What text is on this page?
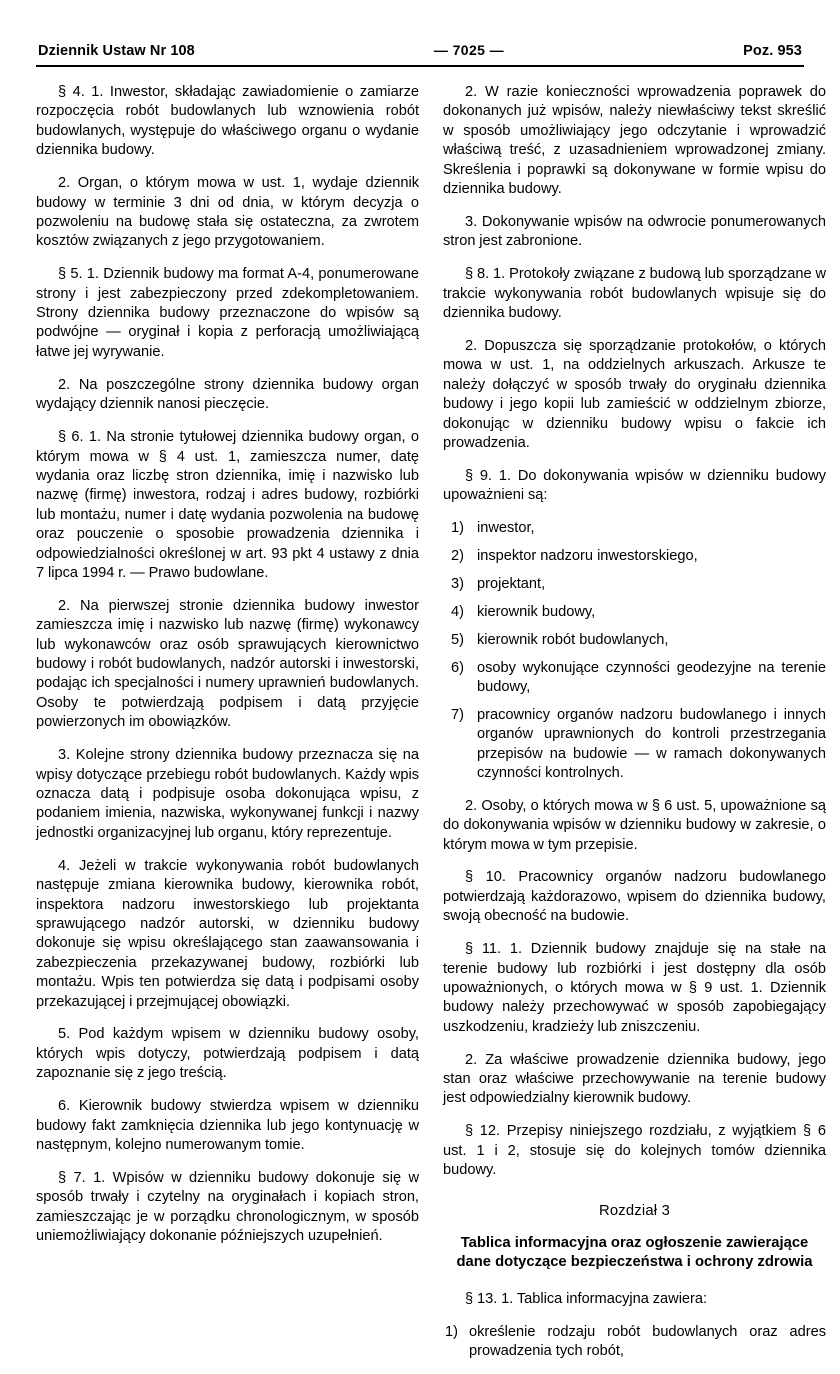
Dziennik Ustaw Nr 108	— 7025 —	Poz. 953

§ 4. 1. Inwestor, składając zawiadomienie o zamiarze rozpoczęcia robót budowlanych lub wznowienia robót budowlanych, występuje do właściwego organu o wydanie dziennika budowy.

2. Organ, o którym mowa w ust. 1, wydaje dziennik budowy w terminie 3 dni od dnia, w którym decyzja o pozwoleniu na budowę stała się ostateczna, za zwrotem kosztów związanych z jego przygotowaniem.

§ 5. 1. Dziennik budowy ma format A-4, ponumerowane strony i jest zabezpieczony przed zdekompletowaniem. Strony dziennika budowy przeznaczone do wpisów są podwójne — oryginał i kopia z perforacją umożliwiającą łatwe jej wyrywanie.

2. Na poszczególne strony dziennika budowy organ wydający dziennik nanosi pieczęcie.

§ 6. 1. Na stronie tytułowej dziennika budowy organ, o którym mowa w § 4 ust. 1, zamieszcza numer, datę wydania oraz liczbę stron dziennika, imię i nazwisko lub nazwę (firmę) inwestora, rodzaj i adres budowy, rozbiórki lub montażu, numer i datę wydania pozwolenia na budowę oraz pouczenie o sposobie prowadzenia dziennika i odpowiedzialności określonej w art. 93 pkt 4 ustawy z dnia 7 lipca 1994 r. — Prawo budowlane.

2. Na pierwszej stronie dziennika budowy inwestor zamieszcza imię i nazwisko lub nazwę (firmę) wykonawcy lub wykonawców oraz osób sprawujących kierownictwo budowy i robót budowlanych, nadzór autorski i inwestorski, podając ich specjalności i numery uprawnień budowlanych. Osoby te potwierdzają podpisem i datą przyjęcie powierzonych im obowiązków.

3. Kolejne strony dziennika budowy przeznacza się na wpisy dotyczące przebiegu robót budowlanych. Każdy wpis oznacza datą i podpisuje osoba dokonująca wpisu, z podaniem imienia, nazwiska, wykonywanej funkcji i nazwy jednostki organizacyjnej lub organu, który reprezentuje.

4. Jeżeli w trakcie wykonywania robót budowlanych następuje zmiana kierownika budowy, kierownika robót, inspektora nadzoru inwestorskiego lub projektanta sprawującego nadzór autorski, w dzienniku budowy dokonuje się wpisu określającego stan zaawansowania i zabezpieczenia przekazywanej budowy, rozbiórki lub montażu. Wpis ten potwierdza się datą i podpisami osoby przekazującej i przejmującej obowiązki.

5. Pod każdym wpisem w dzienniku budowy osoby, których wpis dotyczy, potwierdzają podpisem i datą zapoznanie się z jego treścią.

6. Kierownik budowy stwierdza wpisem w dzienniku budowy fakt zamknięcia dziennika lub jego kontynuację w następnym, kolejno numerowanym tomie.

§ 7. 1. Wpisów w dzienniku budowy dokonuje się w sposób trwały i czytelny na oryginałach i kopiach stron, zamieszczając je w porządku chronologicznym, w sposób uniemożliwiający dokonanie późniejszych uzupełnień.

2. W razie konieczności wprowadzenia poprawek do dokonanych już wpisów, należy niewłaściwy tekst skreślić w sposób umożliwiający jego odczytanie i wprowadzić właściwą treść, z uzasadnieniem wprowadzonej zmiany. Skreślenia i poprawki są dokonywane w formie wpisu do dziennika budowy.

3. Dokonywanie wpisów na odwrocie ponumerowanych stron jest zabronione.

§ 8. 1. Protokoły związane z budową lub sporządzane w trakcie wykonywania robót budowlanych wpisuje się do dziennika budowy.

2. Dopuszcza się sporządzanie protokołów, o których mowa w ust. 1, na oddzielnych arkuszach. Arkusze te należy dołączyć w sposób trwały do oryginału dziennika budowy i jego kopii lub zamieścić w oddzielnym zbiorze, dokonując w dzienniku budowy wpisu o fakcie ich prowadzenia.

§ 9. 1. Do dokonywania wpisów w dzienniku budowy upoważnieni są:

1) inwestor,
2) inspektor nadzoru inwestorskiego,
3) projektant,
4) kierownik budowy,
5) kierownik robót budowlanych,
6) osoby wykonujące czynności geodezyjne na terenie budowy,
7) pracownicy organów nadzoru budowlanego i innych organów uprawnionych do kontroli przestrzegania przepisów na budowie — w ramach dokonywanych czynności kontrolnych.

2. Osoby, o których mowa w § 6 ust. 5, upoważnione są do dokonywania wpisów w dzienniku budowy w zakresie, o którym mowa w tym przepisie.

§ 10. Pracownicy organów nadzoru budowlanego potwierdzają każdorazowo, wpisem do dziennika budowy, swoją obecność na budowie.

§ 11. 1. Dziennik budowy znajduje się na stałe na terenie budowy lub rozbiórki i jest dostępny dla osób upoważnionych, o których mowa w § 9 ust. 1. Dziennik budowy należy przechowywać w sposób zapobiegający uszkodzeniu, kradzieży lub zniszczeniu.

2. Za właściwe prowadzenie dziennika budowy, jego stan oraz właściwe przechowywanie na terenie budowy jest odpowiedzialny kierownik budowy.

§ 12. Przepisy niniejszego rozdziału, z wyjątkiem § 6 ust. 1 i 2, stosuje się do kolejnych tomów dziennika budowy.

Rozdział 3
Tablica informacyjna oraz ogłoszenie zawierające dane dotyczące bezpieczeństwa i ochrony zdrowia

§ 13. 1. Tablica informacyjna zawiera:

1) określenie rodzaju robót budowlanych oraz adres prowadzenia tych robót,
